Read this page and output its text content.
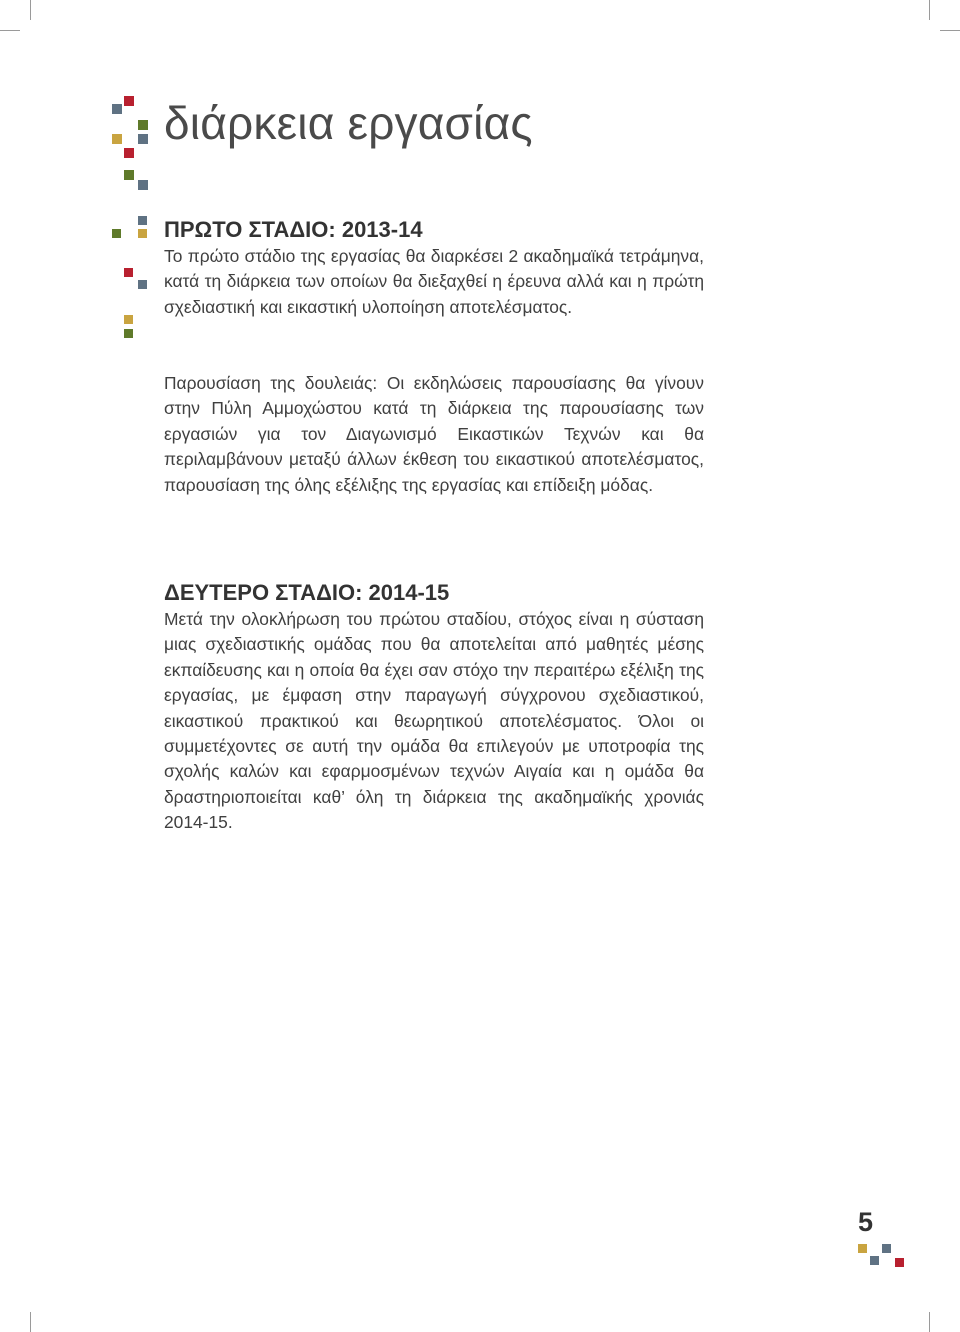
διάρκεια εργασίας
ΠΡΩΤΟ ΣΤΑΔΙΟ: 2013-14

Το πρώτο στάδιο της εργασίας θα διαρκέσει 2 ακαδημαϊκά τετράμηνα, κατά τη διάρκεια των οποίων θα διεξαχθεί η έρευνα αλλά και η πρώτη σχεδιαστική και εικαστική υλοποίηση αποτελέσματος.

Παρουσίαση της δουλειάς: Οι εκδηλώσεις παρουσίασης θα γίνουν στην Πύλη Αμμοχώστου κατά τη διάρκεια της παρουσίασης των εργασιών για τον Διαγωνισμό Εικαστικών Τεχνών και θα περιλαμβάνουν μεταξύ άλλων έκθεση του εικαστικού αποτελέσματος, παρουσίαση της όλης εξέλιξης της εργασίας και επίδειξη μόδας.

ΔΕΥΤΕΡΟ ΣΤΑΔΙΟ: 2014-15

Μετά την ολοκλήρωση του πρώτου σταδίου, στόχος είναι η σύσταση μιας σχεδιαστικής ομάδας που θα αποτελείται από μαθητές μέσης εκπαίδευσης και η οποία θα έχει σαν στόχο την περαιτέρω εξέλιξη της εργασίας, με έμφαση στην παραγωγή σύγχρονου σχεδιαστικού, εικαστικού πρακτικού και θεωρητικού αποτελέσματος. Όλοι οι συμμετέχοντες σε αυτή την ομάδα θα επιλεγούν με υποτροφία της σχολής καλών και εφαρμοσμένων τεχνών Αιγαία και η ομάδα θα δραστηριοποιείται καθ’ όλη τη διάρκεια της ακαδημαϊκής χρονιάς 2014-15.

5
